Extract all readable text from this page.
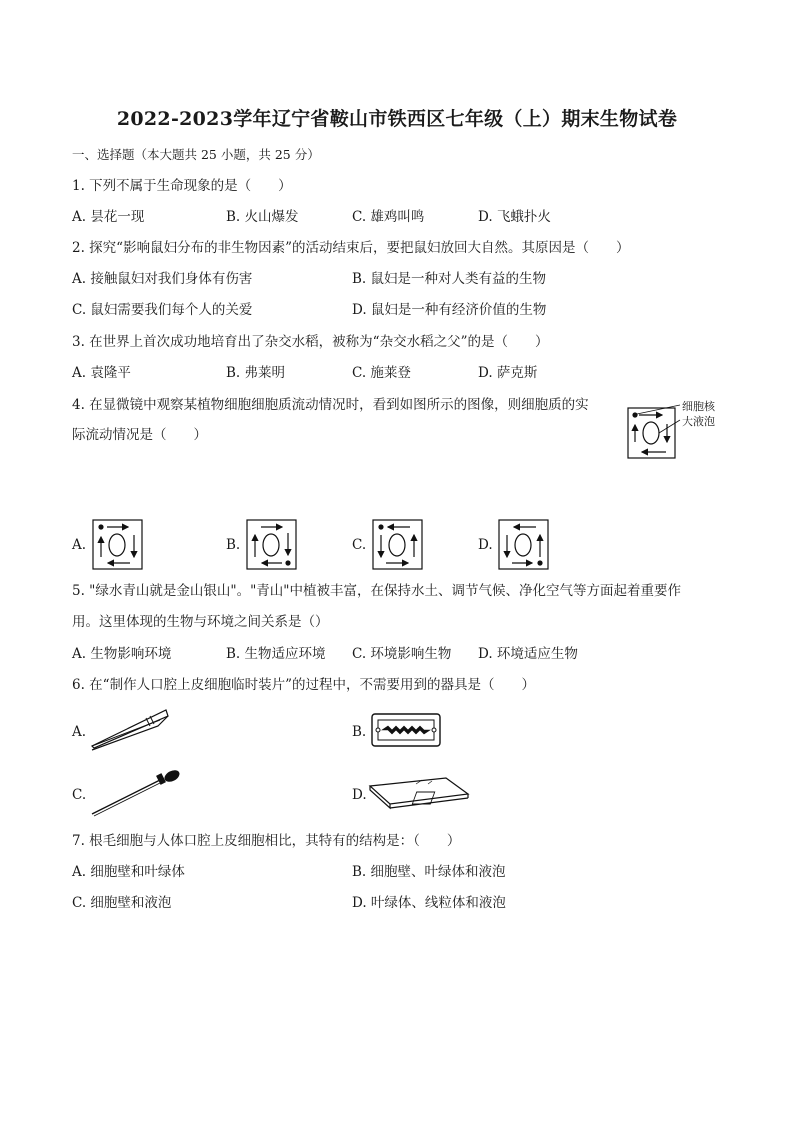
2022-2023学年辽宁省鞍山市铁西区七年级（上）期末生物试卷
一、选择题（本大题共 25 小题，共 25 分）
1. 下列不属于生命现象的是（　　）
A. 昙花一现	B. 火山爆发	C. 雄鸡叫鸣	D. 飞蛾扑火
2. 探究“影响鼠妇分布的非生物因素”的活动结束后，要把鼠妇放回大自然。其原因是（　　）
A. 接触鼠妇对我们身体有伤害	B. 鼠妇是一种对人类有益的生物
C. 鼠妇需要我们每个人的关爱	D. 鼠妇是一种有经济价值的生物
3. 在世界上首次成功地培育出了杂交水稻，被称为“杂交水稻之父”的是（　　）
A. 袁隆平	B. 弗莱明	C. 施莱登	D. 萨克斯
4. 在显微镜中观察某植物细胞细胞质流动情况时，看到如图所示的图像，则细胞质的实
际流动情况是（　　）
细胞核
大液泡
A.	B.	C.	D.
5. "绿水青山就是金山银山"。"青山"中植被丰富，在保持水土、调节气候、净化空气等方面起着重要作
用。这里体现的生物与环境之间关系是（）
A. 生物影响环境	B. 生物适应环境 C. 环境影响生物 D. 环境适应生物
6. 在“制作人口腔上皮细胞临时装片”的过程中，不需要用到的器具是（　　）
A.	B.
C.	D.
7. 根毛细胞与人体口腔上皮细胞相比，其特有的结构是：（　　）
A. 细胞壁和叶绿体	B. 细胞壁、叶绿体和液泡
C. 细胞壁和液泡	D. 叶绿体、线粒体和液泡
